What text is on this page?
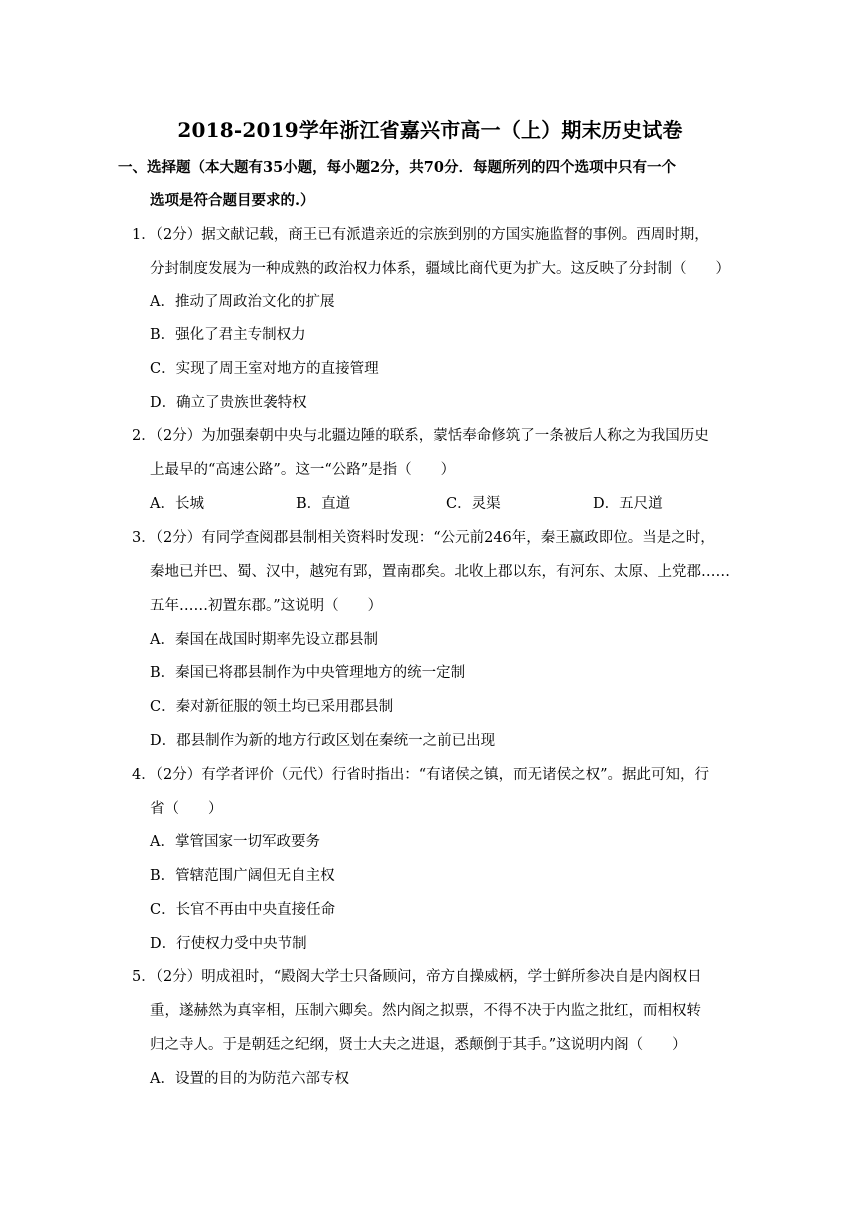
2018-2019学年浙江省嘉兴市高一（上）期末历史试卷
一、选择题（本大题有35小题，每小题2分，共70分．每题所列的四个选项中只有一个
选项是符合题目要求的.）
1．（2分）据文献记载，商王已有派遣亲近的宗族到别的方国实施监督的事例。西周时期，
分封制度发展为一种成熟的政治权力体系，疆域比商代更为扩大。这反映了分封制（　　）
A．推动了周政治文化的扩展
B．强化了君主专制权力
C．实现了周王室对地方的直接管理
D．确立了贵族世袭特权
2．（2分）为加强秦朝中央与北疆边陲的联系，蒙恬奉命修筑了一条被后人称之为我国历史
上最早的“高速公路”。这一“公路”是指（　　）
A．长城	B．直道	C．灵渠	D．五尺道
3．（2分）有同学查阅郡县制相关资料时发现：“公元前246年，秦王嬴政即位。当是之时，
秦地已并巴、蜀、汉中，越宛有郢，置南郡矣。北收上郡以东，有河东、太原、上党郡……
五年……初置东郡。”这说明（　　）
A．秦国在战国时期率先设立郡县制
B．秦国已将郡县制作为中央管理地方的统一定制
C．秦对新征服的领土均已采用郡县制
D．郡县制作为新的地方行政区划在秦统一之前已出现
4．（2分）有学者评价（元代）行省时指出：“有诸侯之镇，而无诸侯之权”。据此可知，行
省（　　）
A．掌管国家一切军政要务
B．管辖范围广阔但无自主权
C．长官不再由中央直接任命
D．行使权力受中央节制
5．（2分）明成祖时，“殿阁大学士只备顾问，帝方自操威柄，学士鲜所参决自是内阁权日
重，遂赫然为真宰相，压制六卿矣。然内阁之拟票，不得不决于内监之批红，而相权转
归之寺人。于是朝廷之纪纲，贤士大夫之进退，悉颠倒于其手。”这说明内阁（　　）
A．设置的目的为防范六部专权
